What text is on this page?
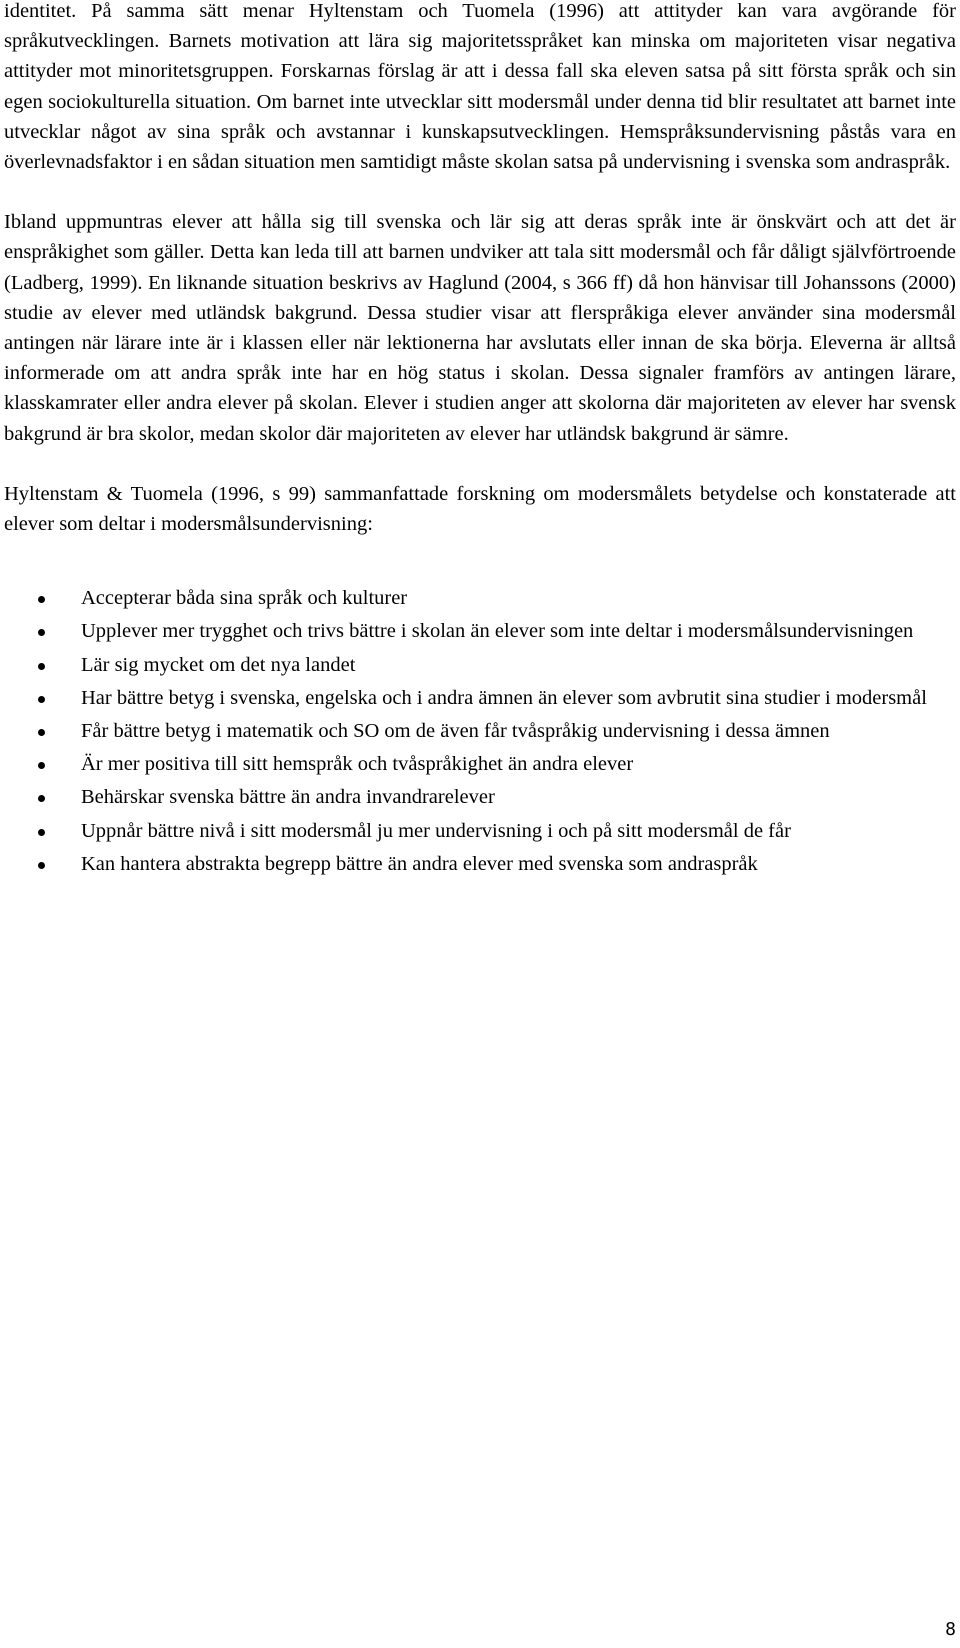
identitet. På samma sätt menar Hyltenstam och Tuomela (1996) att attityder kan vara avgörande för språkutvecklingen. Barnets motivation att lära sig majoritetsspråket kan minska om majoriteten visar negativa attityder mot minoritetsgruppen. Forskarnas förslag är att i dessa fall ska eleven satsa på sitt första språk och sin egen sociokulturella situation. Om barnet inte utvecklar sitt modersmål under denna tid blir resultatet att barnet inte utvecklar något av sina språk och avstannar i kunskapsutvecklingen. Hemspråksundervisning påstås vara en överlevnadsfaktor i en sådan situation men samtidigt måste skolan satsa på undervisning i svenska som andraspråk.

Ibland uppmuntras elever att hålla sig till svenska och lär sig att deras språk inte är önskvärt och att det är enspråkighet som gäller. Detta kan leda till att barnen undviker att tala sitt modersmål och får dåligt självförtroende (Ladberg, 1999). En liknande situation beskrivs av Haglund (2004, s 366 ff) då hon hänvisar till Johanssons (2000) studie av elever med utländsk bakgrund. Dessa studier visar att flerspråkiga elever använder sina modersmål antingen när lärare inte är i klassen eller när lektionerna har avslutats eller innan de ska börja. Eleverna är alltså informerade om att andra språk inte har en hög status i skolan. Dessa signaler framförs av antingen lärare, klasskamrater eller andra elever på skolan. Elever i studien anger att skolorna där majoriteten av elever har svensk bakgrund är bra skolor, medan skolor där majoriteten av elever har utländsk bakgrund är sämre.

Hyltenstam & Tuomela (1996, s 99) sammanfattade forskning om modersmålets betydelse och konstaterade att elever som deltar i modersmålsundervisning:

Accepterar båda sina språk och kulturer
Upplever mer trygghet och trivs bättre i skolan än elever som inte deltar i modersmålsundervisningen
Lär sig mycket om det nya landet
Har bättre betyg i svenska, engelska och i andra ämnen än elever som avbrutit sina studier i modersmål
Får bättre betyg i matematik och SO om de även får tvåspråkig undervisning i dessa ämnen
Är mer positiva till sitt hemspråk och tvåspråkighet än andra elever
Behärskar svenska bättre än andra invandrarelever
Uppnår bättre nivå i sitt modersmål ju mer undervisning i och på sitt modersmål de får
Kan hantera abstrakta begrepp bättre än andra elever med svenska som andraspråk
8
